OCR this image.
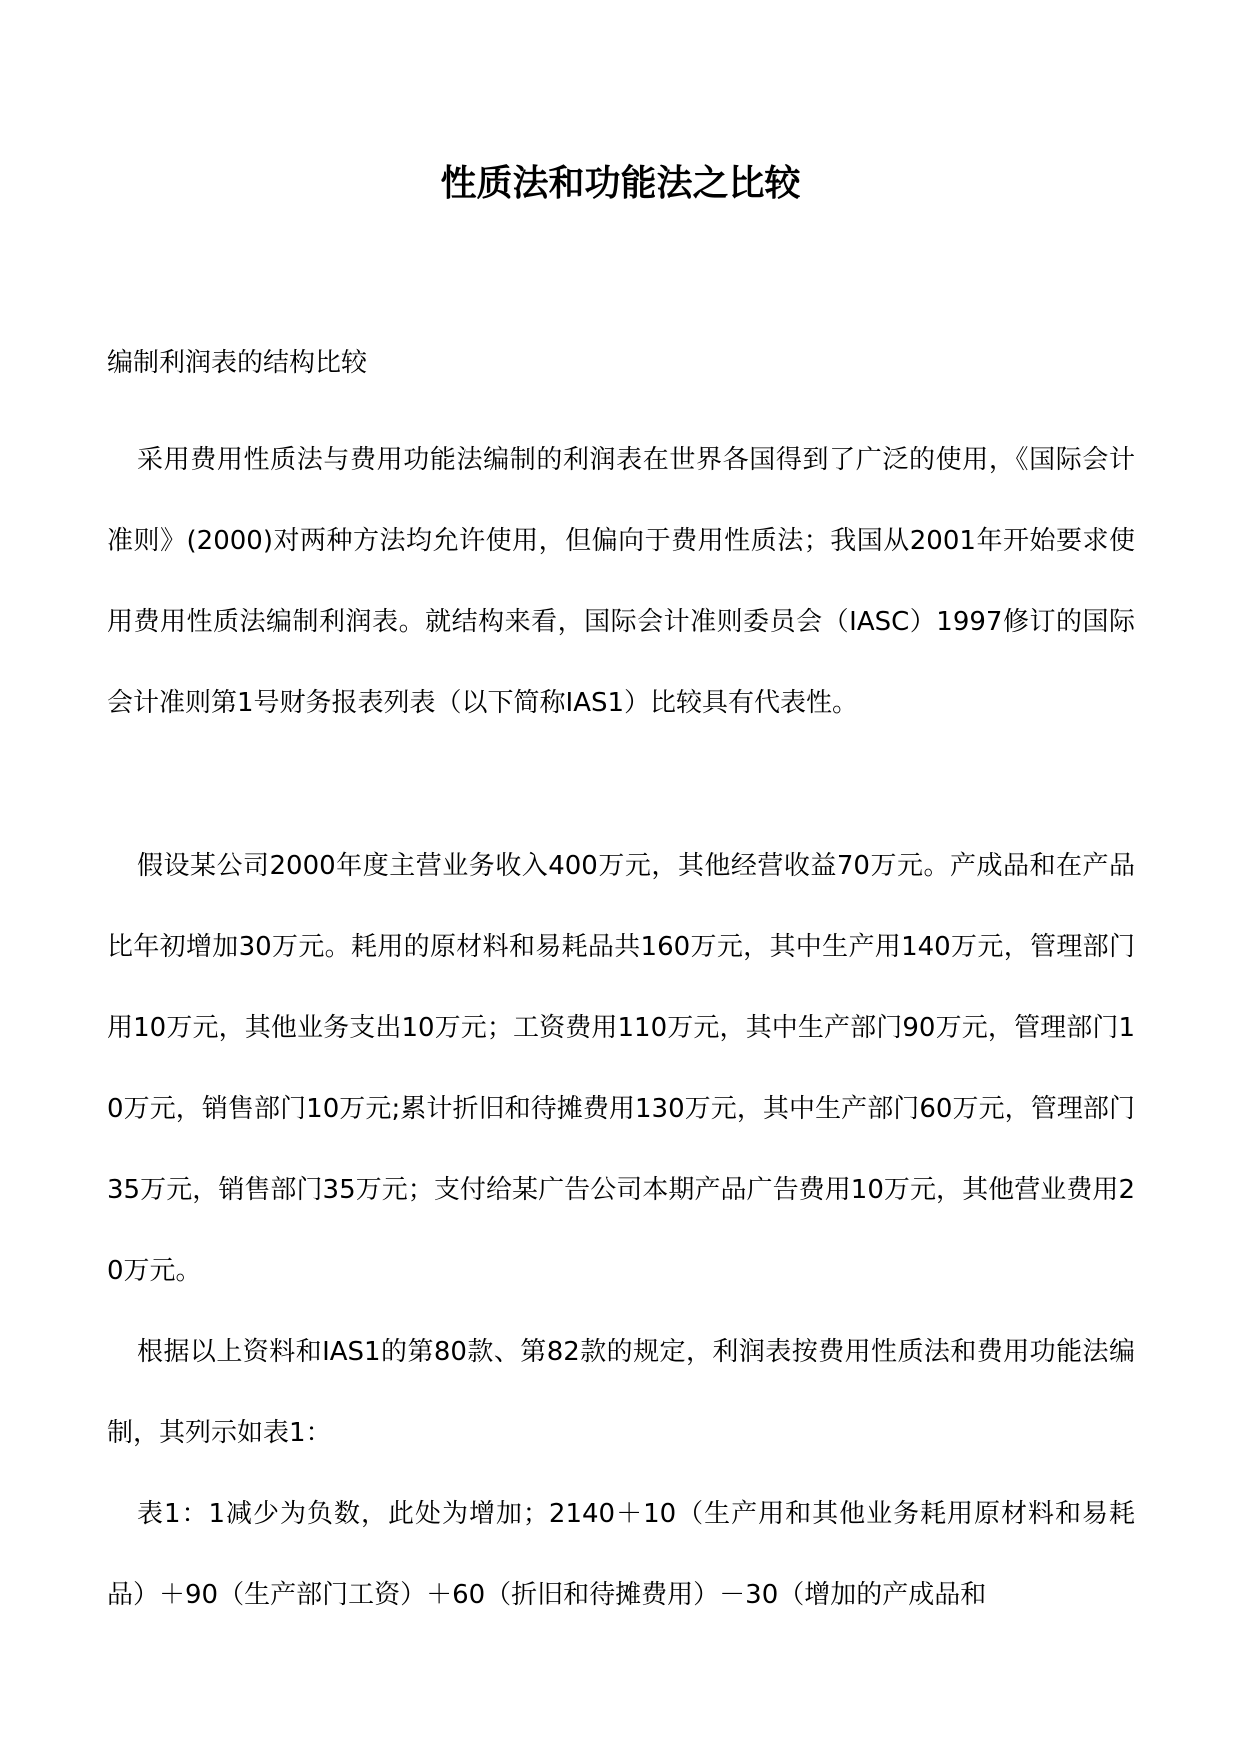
性质法和功能法之比较

编制利润表的结构比较

采用费用性质法与费用功能法编制的利润表在世界各国得到了广泛的使用，《国际会计准则》(2000)对两种方法均允许使用，但偏向于费用性质法；我国从2001年开始要求使用费用性质法编制利润表。就结构来看，国际会计准则委员会（IASC）1997修订的国际会计准则第1号财务报表列表（以下简称IAS1）比较具有代表性。

假设某公司2000年度主营业务收入400万元，其他经营收益70万元。产成品和在产品比年初增加30万元。耗用的原材料和易耗品共160万元，其中生产用140万元，管理部门用10万元，其他业务支出10万元；工资费用110万元，其中生产部门90万元，管理部门10万元，销售部门10万元;累计折旧和待摊费用130万元，其中生产部门60万元，管理部门35万元，销售部门35万元；支付给某广告公司本期产品广告费用10万元，其他营业费用20万元。

根据以上资料和IAS1的第80款、第82款的规定，利润表按费用性质法和费用功能法编制，其列示如表1：

表1：1减少为负数，此处为增加；2140＋10（生产用和其他业务耗用原材料和易耗品）＋90（生产部门工资）＋60（折旧和待摊费用）－30（增加的产成品和
